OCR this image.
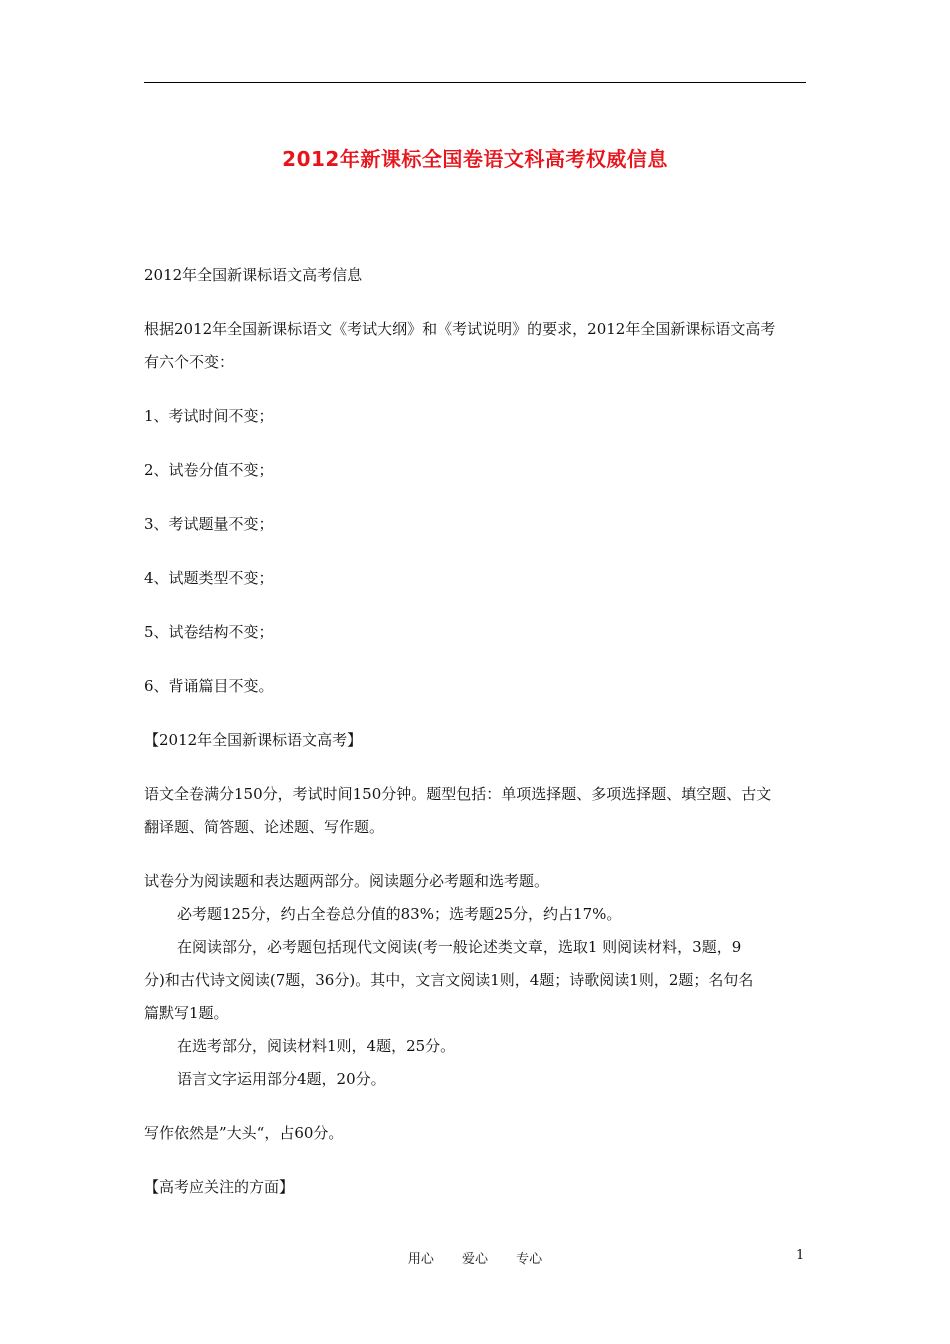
2012年新课标全国卷语文科高考权威信息
2012年全国新课标语文高考信息
根据2012年全国新课标语文《考试大纲》和《考试说明》的要求，2012年全国新课标语文高考
有六个不变：
1、考试时间不变；
2、试卷分值不变；
3、考试题量不变；
4、试题类型不变；
5、试卷结构不变；
6、背诵篇目不变。
【2012年全国新课标语文高考】
语文全卷满分150分，考试时间150分钟。题型包括：单项选择题、多项选择题、填空题、古文
翻译题、简答题、论述题、写作题。
试卷分为阅读题和表达题两部分。阅读题分必考题和选考题。
必考题125分，约占全卷总分值的83%；选考题25分，约占17%。
在阅读部分，必考题包括现代文阅读(考一般论述类文章，选取1 则阅读材料，3题，9
分)和古代诗文阅读(7题，36分)。其中，文言文阅读1则，4题；诗歌阅读1则，2题；名句名
篇默写1题。
在选考部分，阅读材料1则，4题，25分。
语言文字运用部分4题，20分。
写作依然是”大头“，占60分。
【高考应关注的方面】
用心 爱心 专心	1
